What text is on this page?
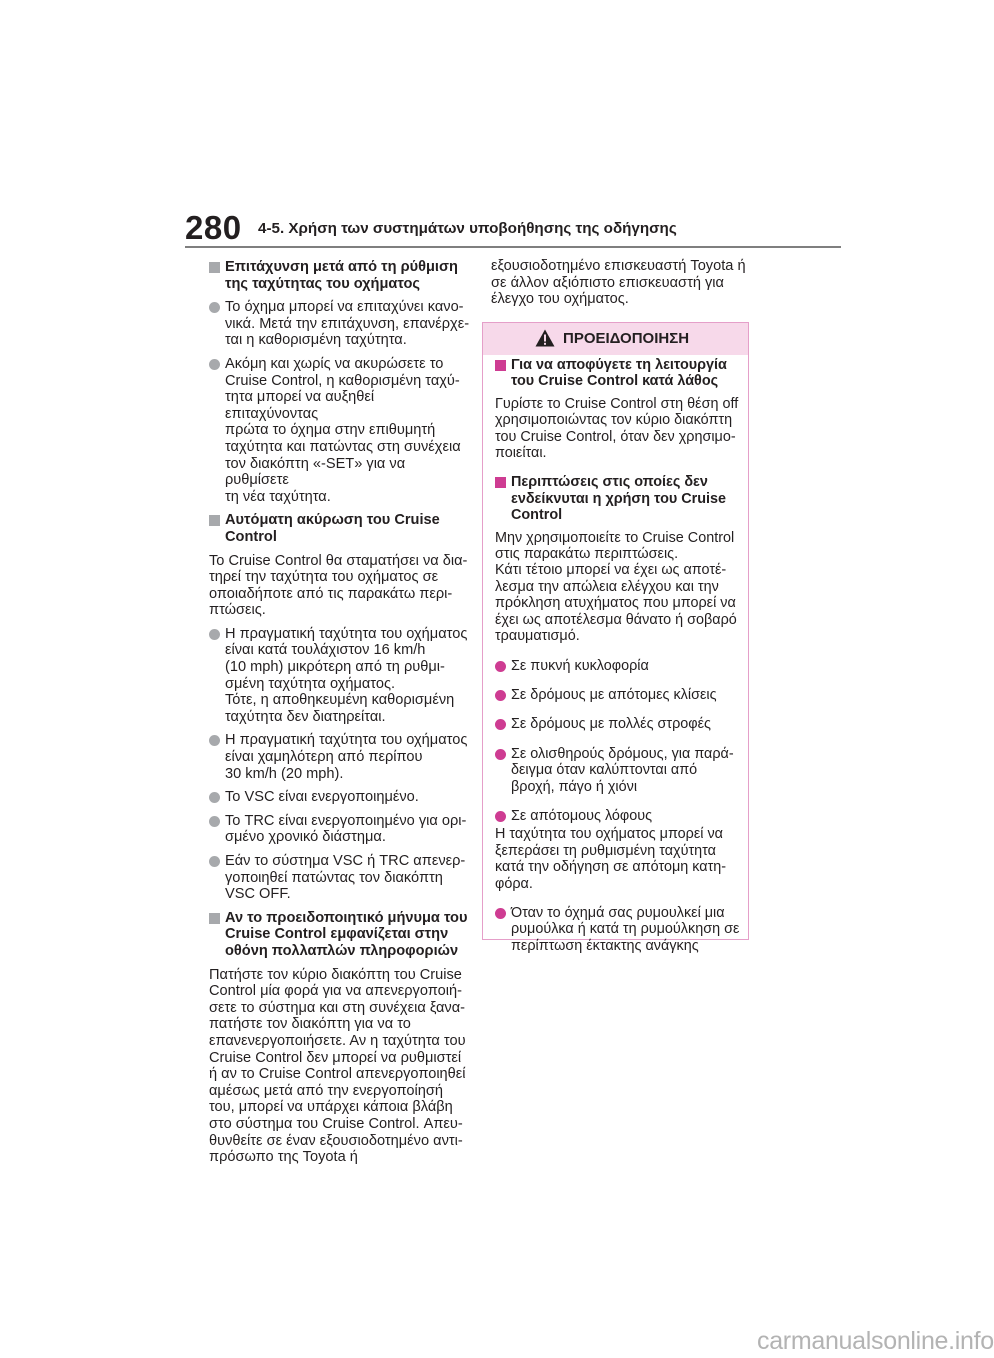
280 4-5. Χρήση των συστημάτων υποβοήθησης της οδήγησης
Επιτάχυνση μετά από τη ρύθμιση
της ταχύτητας του οχήματος
Το όχημα μπορεί να επιταχύνει κανο-
νικά. Μετά την επιτάχυνση, επανέρχε-
ται η καθορισμένη ταχύτητα.
Ακόμη και χωρίς να ακυρώσετε το
Cruise Control, η καθορισμένη ταχύ-
τητα μπορεί να αυξηθεί επιταχύνοντας
πρώτα το όχημα στην επιθυμητή
ταχύτητα και πατώντας στη συνέχεια
τον διακόπτη «-SET» για να ρυθμίσετε
τη νέα ταχύτητα.
Αυτόματη ακύρωση του Cruise
Control
Το Cruise Control θα σταματήσει να δια-
τηρεί την ταχύτητα του οχήματος σε
οποιαδήποτε από τις παρακάτω περι-
πτώσεις.
Η πραγματική ταχύτητα του οχήματος
είναι κατά τουλάχιστον 16 km/h
(10 mph) μικρότερη από τη ρυθμι-
σμένη ταχύτητα οχήματος.
Τότε, η αποθηκευμένη καθορισμένη
ταχύτητα δεν διατηρείται.
Η πραγματική ταχύτητα του οχήματος
είναι χαμηλότερη από περίπου
30 km/h (20 mph).
Το VSC είναι ενεργοποιημένο.
Το TRC είναι ενεργοποιημένο για ορι-
σμένο χρονικό διάστημα.
Εάν το σύστημα VSC ή TRC απενερ-
γοποιηθεί πατώντας τον διακόπτη
VSC OFF.
Αν το προειδοποιητικό μήνυμα του
Cruise Control εμφανίζεται στην
οθόνη πολλαπλών πληροφοριών
Πατήστε τον κύριο διακόπτη του Cruise
Control μία φορά για να απενεργοποιή-
σετε το σύστημα και στη συνέχεια ξανα-
πατήστε τον διακόπτη για να το
επανενεργοποιήσετε. Αν η ταχύτητα του
Cruise Control δεν μπορεί να ρυθμιστεί
ή αν το Cruise Control απενεργοποιηθεί
αμέσως μετά από την ενεργοποίησή
του, μπορεί να υπάρχει κάποια βλάβη
στο σύστημα του Cruise Control. Απευ-
θυνθείτε σε έναν εξουσιοδοτημένο αντι-
πρόσωπο της Toyota ή
εξουσιοδοτημένο επισκευαστή Toyota ή
σε άλλον αξιόπιστο επισκευαστή για
έλεγχο του οχήματος.
ΠΡΟΕΙΔΟΠΟΙΗΣΗ
Για να αποφύγετε τη λειτουργία
του Cruise Control κατά λάθος
Γυρίστε το Cruise Control στη θέση off
χρησιμοποιώντας τον κύριο διακόπτη
του Cruise Control, όταν δεν χρησιμο-
ποιείται.
Περιπτώσεις στις οποίες δεν
ενδείκνυται η χρήση του Cruise
Control
Μην χρησιμοποιείτε το Cruise Control
στις παρακάτω περιπτώσεις.
Κάτι τέτοιο μπορεί να έχει ως αποτέ-
λεσμα την απώλεια ελέγχου και την
πρόκληση ατυχήματος που μπορεί να
έχει ως αποτέλεσμα θάνατο ή σοβαρό
τραυματισμό.
Σε πυκνή κυκλοφορία
Σε δρόμους με απότομες κλίσεις
Σε δρόμους με πολλές στροφές
Σε ολισθηρούς δρόμους, για παρά-
δειγμα όταν καλύπτονται από
βροχή, πάγο ή χιόνι
Σε απότομους λόφους
Η ταχύτητα του οχήματος μπορεί να
ξεπεράσει τη ρυθμισμένη ταχύτητα
κατά την οδήγηση σε απότομη κατη-
φόρα.
Όταν το όχημά σας ρυμουλκεί μια
ρυμούλκα ή κατά τη ρυμούλκηση σε
περίπτωση έκτακτης ανάγκης
carmanualsonline.info
